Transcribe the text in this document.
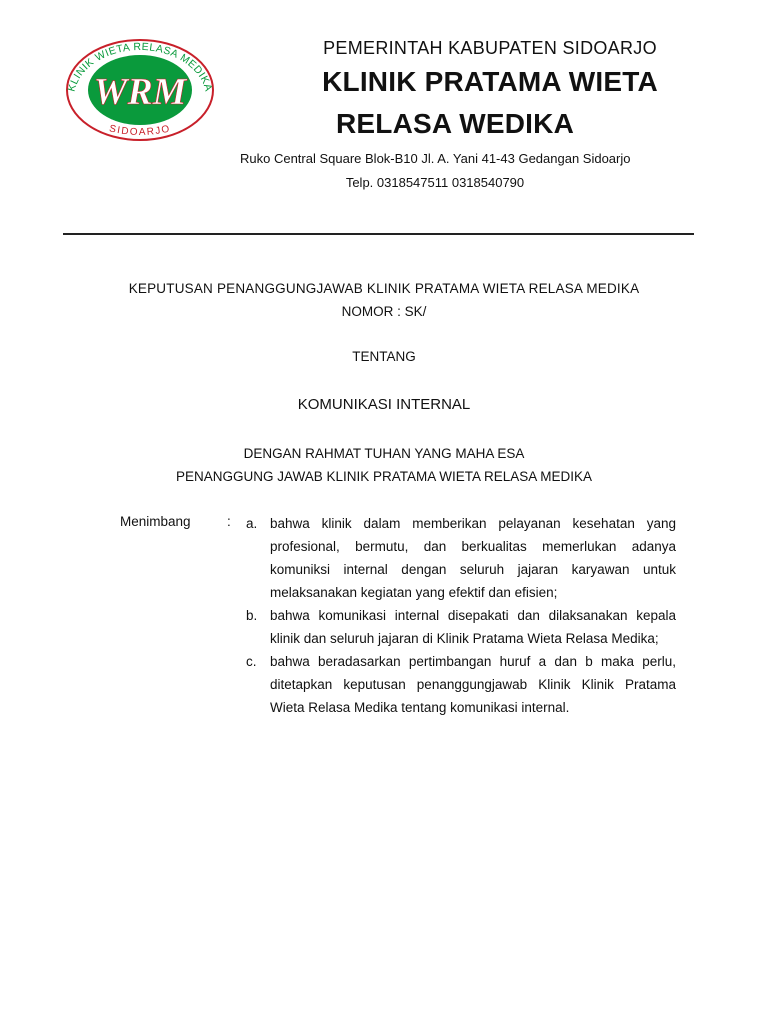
KLINIK WIETA RELASA MEDIKA
SIDOARJO
WRM
PEMERINTAH KABUPATEN SIDOARJO
KLINIK PRATAMA WIETA
RELASA WEDIKA
Ruko Central Square Blok-B10 Jl. A. Yani 41-43 Gedangan Sidoarjo
Telp. 0318547511 0318540790
KEPUTUSAN PENANGGUNGJAWAB KLINIK PRATAMA WIETA RELASA MEDIKA
NOMOR : SK/
TENTANG
KOMUNIKASI INTERNAL
DENGAN RAHMAT TUHAN YANG MAHA ESA
PENANGGUNG JAWAB KLINIK PRATAMA WIETA RELASA MEDIKA
Menimbang	: a. bahwa klinik dalam memberikan pelayanan kesehatan yang profesional, bermutu, dan berkualitas memerlukan adanya komuniksi internal dengan seluruh jajaran karyawan untuk melaksanakan kegiatan yang efektif dan efisien;
b. bahwa komunikasi internal disepakati dan dilaksanakan kepala klinik dan seluruh jajaran di Klinik Pratama Wieta Relasa Medika;
c. bahwa beradasarkan pertimbangan huruf a dan b maka perlu, ditetapkan keputusan penanggungjawab Klinik Klinik Pratama Wieta Relasa Medika tentang komunikasi internal.
